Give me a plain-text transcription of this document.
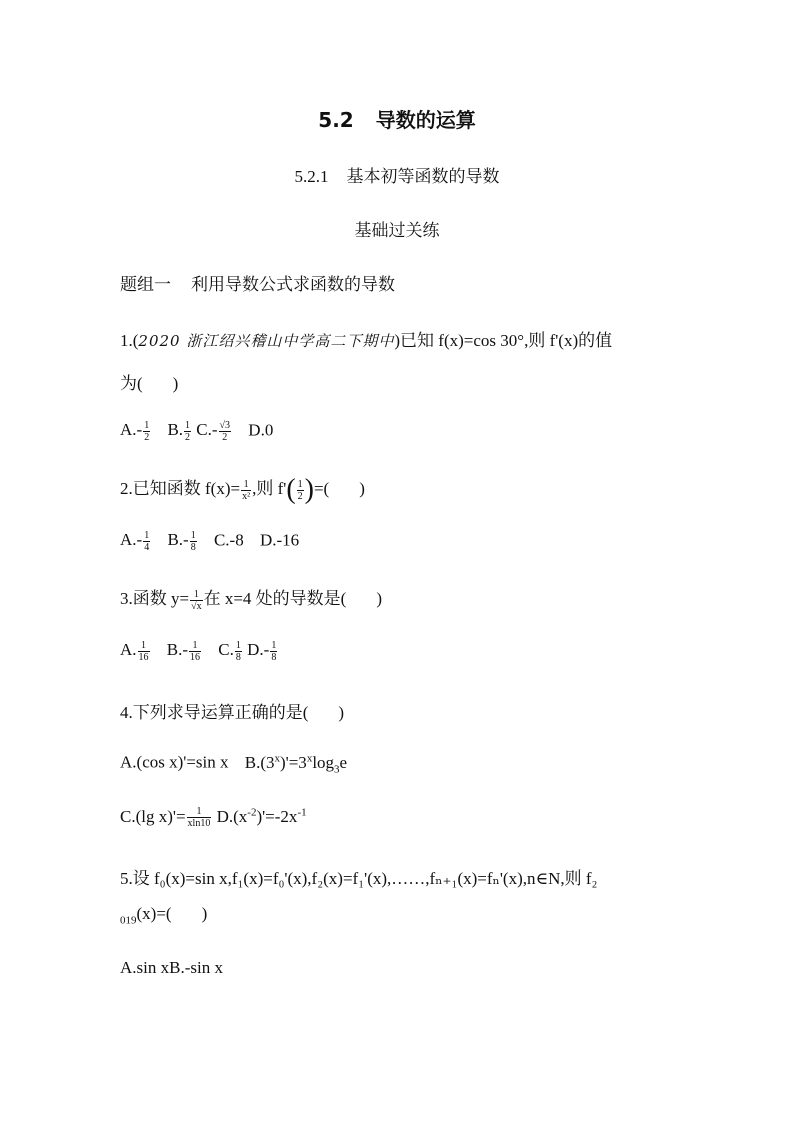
5.2 导数的运算
5.2.1 基本初等函数的导数
基础过关练
题组一 利用导数公式求函数的导数
1.(2020 浙江绍兴稽山中学高二下期中)已知 f(x)=cos 30°,则 f'(x)的值
为( )
$A.- \frac{1}{2} B$. $\frac{1}{2} C.- \frac{√3}{2} D.0$
2.已知函数 $f(x)= \frac{1}{\text{x²}}$ ,则 $f'( \frac{1}{2}$ )=( )
$A.- \frac{1}{4} B.- \frac{1}{8} C.-8$ D.-16
3.函数 $y= \frac{1}{√x}$ 在 x=4 处的导数是( )
A. $\frac{1}{16} B.- \frac{1}{16} C$. $\frac{1}{8} D.- \frac{1}{8}$
4.下列求导运算正确的是( )
A.(cos x)'=sin x $B.(3^x)'=3^x\log_3e$
C.(lg $x)'= \frac{1}{xln10} D.(x^{-2})'=-2x^{-1}$
5.设 f₀(x)=sin x,f₁(x)=f₀'(x),f₂(x)=f₁'(x),……,fₙ₊₁(x)=fₙ'(x),n∈N,则 f₂
$_{019}$(x)=( )
A.sin xB.-sin x
